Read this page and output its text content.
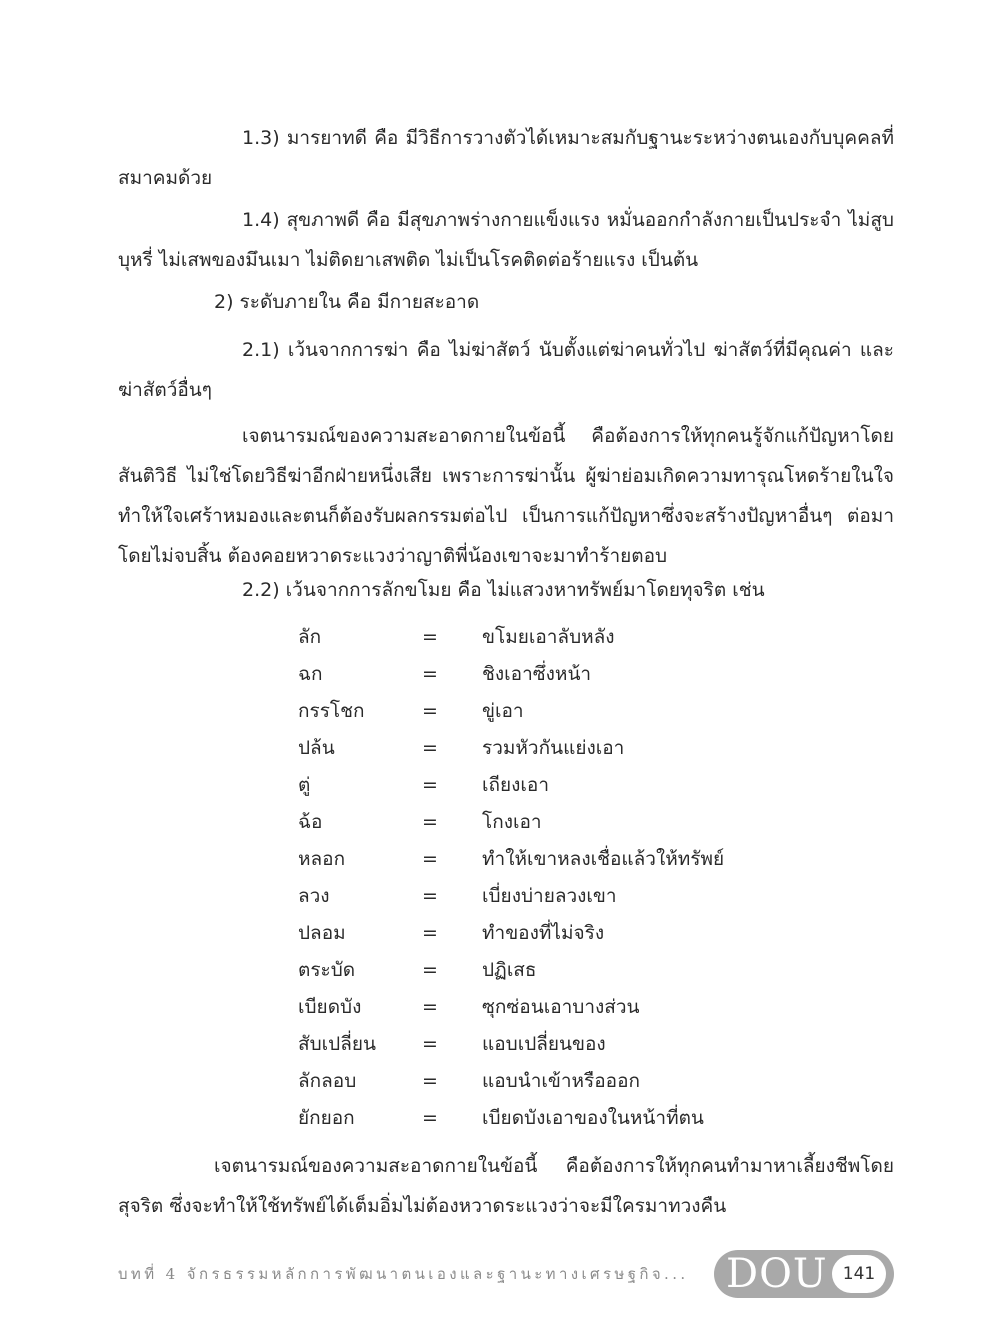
1.3) มารยาทดี คือ มีวิธีการวางตัวได้เหมาะสมกับฐานะระหว่างตนเองกับบุคคลที่สมาคมด้วย

1.4) สุขภาพดี คือ มีสุขภาพร่างกายแข็งแรง หมั่นออกกำลังกายเป็นประจำ ไม่สูบบุหรี่ ไม่เสพของมึนเมา ไม่ติดยาเสพติด ไม่เป็นโรคติดต่อร้ายแรง เป็นต้น

2) ระดับภายใน คือ มีกายสะอาด

2.1) เว้นจากการฆ่า คือ ไม่ฆ่าสัตว์ นับตั้งแต่ฆ่าคนทั่วไป ฆ่าสัตว์ที่มีคุณค่า และฆ่าสัตว์อื่นๆ

เจตนารมณ์ของความสะอาดกายในข้อนี้ คือต้องการให้ทุกคนรู้จักแก้ปัญหาโดยสันติวิธี ไม่ใช่โดยวิธีฆ่าอีกฝ่ายหนึ่งเสีย เพราะการฆ่านั้น ผู้ฆ่าย่อมเกิดความทารุณโหดร้ายในใจ ทำให้ใจเศร้าหมองและตนก็ต้องรับผลกรรมต่อไป เป็นการแก้ปัญหาซึ่งจะสร้างปัญหาอื่นๆ ต่อมา โดยไม่จบสิ้น ต้องคอยหวาดระแวงว่าญาติพี่น้องเขาจะมาทำร้ายตอบ

2.2) เว้นจากการลักขโมย คือ ไม่แสวงหาทรัพย์มาโดยทุจริต เช่น

ลัก	=	ขโมยเอาลับหลัง
ฉก	=	ชิงเอาซึ่งหน้า
กรรโชก	=	ขู่เอา
ปล้น	=	รวมหัวกันแย่งเอา
ตู่	=	เถียงเอา
ฉ้อ	=	โกงเอา
หลอก	=	ทำให้เขาหลงเชื่อแล้วให้ทรัพย์
ลวง	=	เบี่ยงบ่ายลวงเขา
ปลอม	=	ทำของที่ไม่จริง
ตระบัด	=	ปฏิเสธ
เบียดบัง	=	ซุกซ่อนเอาบางส่วน
สับเปลี่ยน	=	แอบเปลี่ยนของ
ลักลอบ	=	แอบนำเข้าหรือออก
ยักยอก	=	เบียดบังเอาของในหน้าที่ตน

เจตนารมณ์ของความสะอาดกายในข้อนี้ คือต้องการให้ทุกคนทำมาหาเลี้ยงชีพโดยสุจริต ซึ่งจะทำให้ใช้ทรัพย์ได้เต็มอิ่มไม่ต้องหวาดระแวงว่าจะมีใครมาทวงคืน

บทที่ 4 จักรธรรมหลักการพัฒนาตนเองและฐานะทางเศรษฐกิจ... DOU 141
